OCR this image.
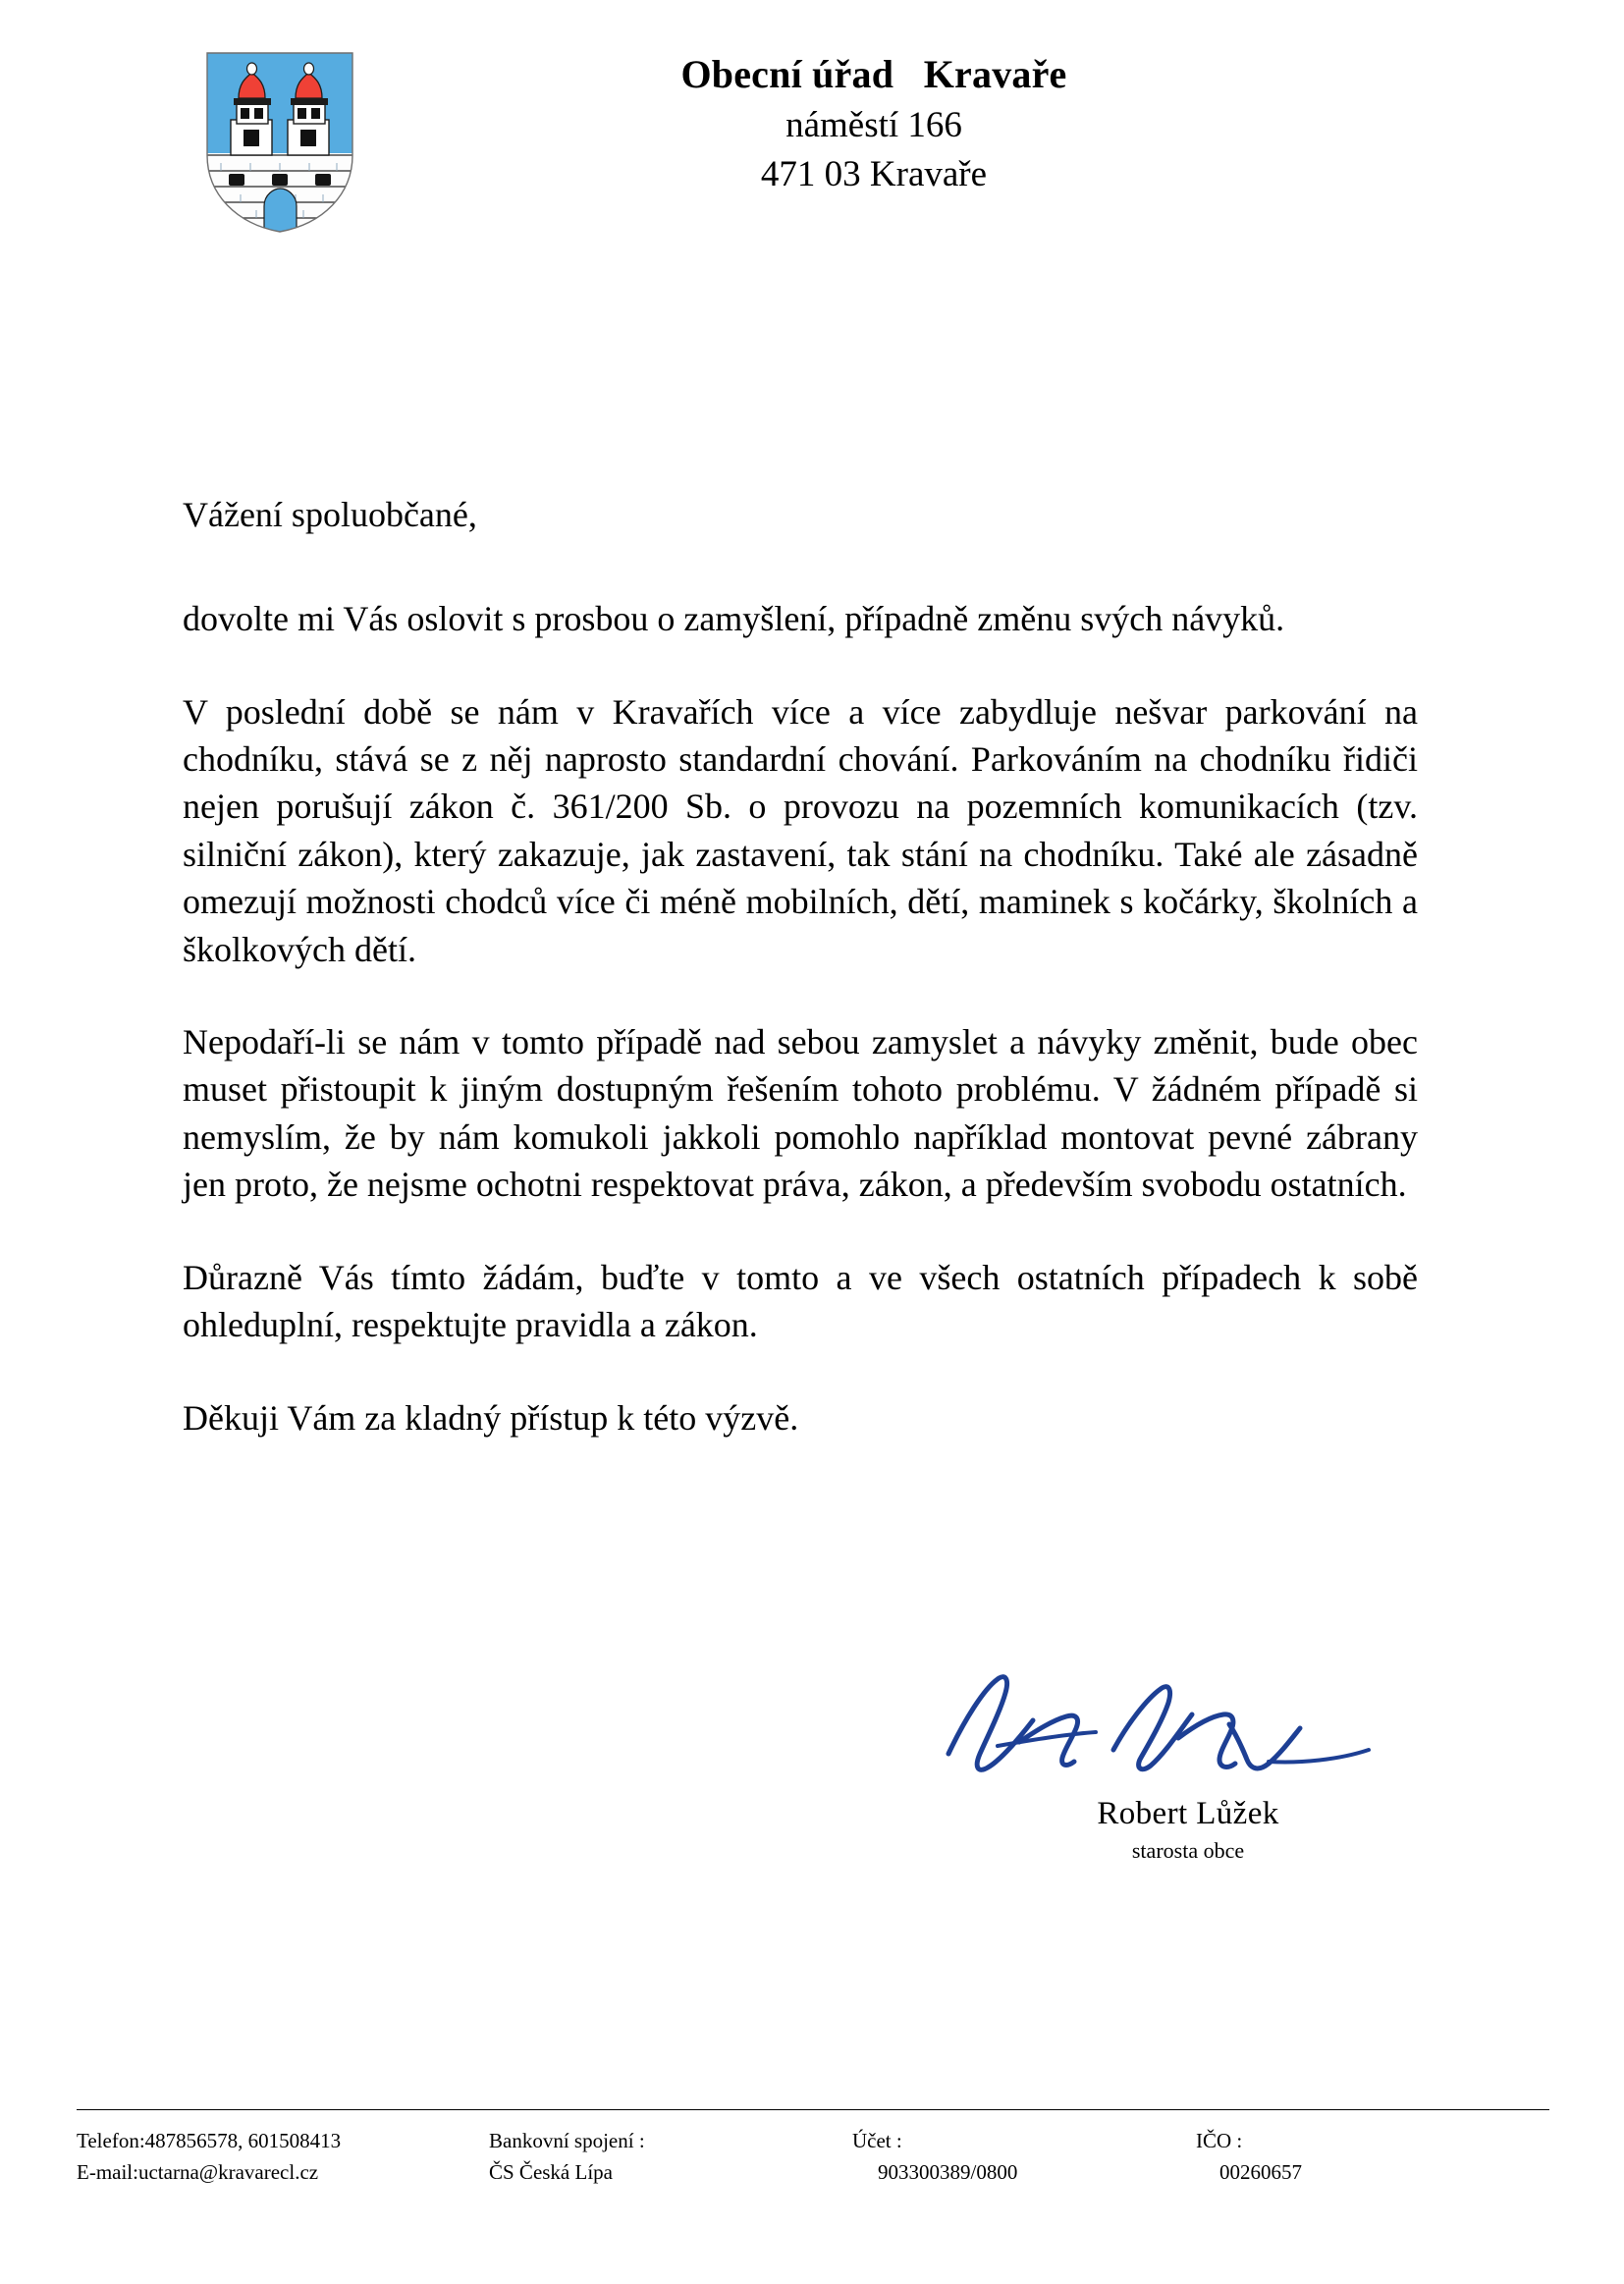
Obecní úřad   Kravaře
náměstí 166
471 03 Kravaře

Vážení spoluobčané,

dovolte mi Vás oslovit s prosbou o zamyšlení, případně změnu svých návyků.

V poslední době se nám v Kravařích více a více zabydluje nešvar parkování na chodníku, stává se z něj naprosto standardní chování. Parkováním na chodníku řidiči nejen porušují zákon č. 361/200 Sb. o provozu na pozemních komunikacích (tzv. silniční zákon), který zakazuje, jak zastavení, tak stání na chodníku. Také ale zásadně omezují možnosti chodců více či méně mobilních, dětí, maminek s kočárky, školních a školkových dětí.

Nepodaří-li se nám v tomto případě nad sebou zamyslet a návyky změnit, bude obec muset přistoupit k jiným dostupným řešením tohoto problému. V žádném případě si nemyslím, že by nám komukoli jakkoli pomohlo například montovat pevné zábrany jen proto, že nejsme ochotni respektovat práva, zákon, a především svobodu ostatních.

Důrazně Vás tímto žádám, buďte v tomto a ve všech ostatních případech k sobě ohleduplní, respektujte pravidla a zákon.

Děkuji Vám za kladný přístup k této výzvě.

Robert Lůžek
starosta obce
Telefon:487856578, 601508413
E-mail:uctarna@kravarecl.cz
Bankovní spojení :
ČS Česká Lípa
Účet :
903300389/0800
IČO :
00260657
